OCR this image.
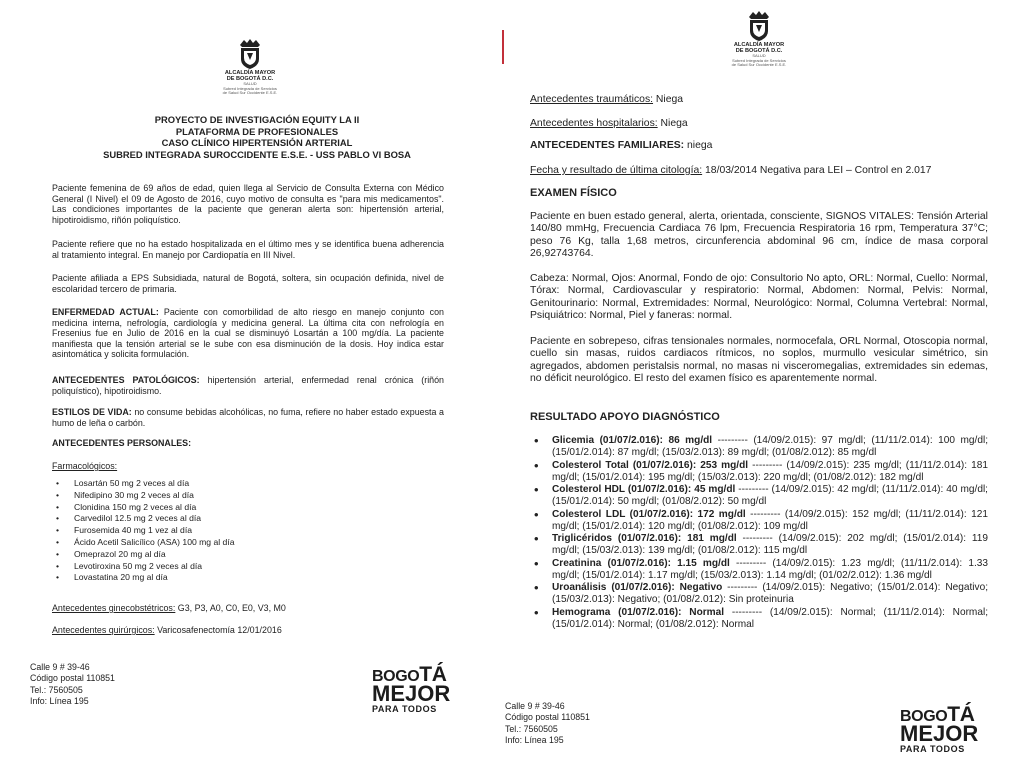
ALCALDÍA MAYOR
DE BOGOTÁ D.C.
SALUD
Subred Integrada de Servicios
de Salud Sur Occidente E.S.E.
PROYECTO DE INVESTIGACIÓN EQUITY LA II
PLATAFORMA DE PROFESIONALES
CASO CLÍNICO HIPERTENSIÓN ARTERIAL
SUBRED INTEGRADA SUROCCIDENTE E.S.E. - USS PABLO VI BOSA
Paciente femenina de 69 años de edad, quien llega al Servicio de Consulta Externa con Médico General (I Nivel) el 09 de Agosto de 2016, cuyo motivo de consulta es "para mis medicamentos". Las condiciones importantes de la paciente que generan alerta son: hipertensión arterial, hipotiroidismo, riñón poliquístico.
Paciente refiere que no ha estado hospitalizada en el último mes y se identifica buena adherencia al tratamiento integral. En manejo por Cardiopatía en III Nivel.
Paciente afiliada a EPS Subsidiada, natural de Bogotá, soltera, sin ocupación definida, nivel de escolaridad tercero de primaria.
ENFERMEDAD ACTUAL: Paciente con comorbilidad de alto riesgo en manejo conjunto con medicina interna, nefrología, cardiología y medicina general. La última cita con nefrología en Fresenius fue en Julio de 2016 en la cual se disminuyó Losartán a 100 mg/día. La paciente manifiesta que la tensión arterial se le sube con esa disminución de la dosis. Hoy indica estar asintomática y solicita formulación.
ANTECEDENTES PATOLÓGICOS: hipertensión arterial, enfermedad renal crónica (riñón poliquístico), hipotiroidismo.
ESTILOS DE VIDA: no consume bebidas alcohólicas, no fuma, refiere no haber estado expuesta a humo de leña o carbón.
ANTECEDENTES PERSONALES:
Farmacológicos:
• Losartán 50 mg 2 veces al día
• Nifedipino 30 mg 2 veces al día
• Clonidina 150 mg 2 veces al día
• Carvedilol 12.5 mg 2 veces al día
• Furosemida 40 mg 1 vez al día
• Ácido Acetil Salicílico (ASA) 100 mg al día
• Omeprazol 20 mg al día
• Levotiroxina 50 mg 2 veces al día
• Lovastatina 20 mg al día
Antecedentes ginecobstétricos: G3, P3, A0, C0, E0, V3, M0
Antecedentes quirúrgicos: Varicosafenectomía 12/01/2016
Calle 9 # 39-46
Código postal 110851
Tel.: 7560505
Info: Línea 195
BOGOTÁ
MEJOR
PARA TODOS
ALCALDÍA MAYOR
DE BOGOTÁ D.C.
SALUD
Subred Integrada de Servicios
de Salud Sur Occidente E.S.E.
Antecedentes traumáticos: Niega
Antecedentes hospitalarios: Niega
ANTECEDENTES FAMILIARES: niega
Fecha y resultado de última citología: 18/03/2014 Negativa para LEI – Control en 2.017
EXAMEN FÍSICO
Paciente en buen estado general, alerta, orientada, consciente, SIGNOS VITALES: Tensión Arterial 140/80 mmHg, Frecuencia Cardiaca 76 lpm, Frecuencia Respiratoria 16 rpm, Temperatura 37°C; peso 76 Kg, talla 1,68 metros, circunferencia abdominal 96 cm, índice de masa corporal 26,92743764.
Cabeza: Normal, Ojos: Anormal, Fondo de ojo: Consultorio No apto, ORL: Normal, Cuello: Normal, Tórax: Normal, Cardiovascular y respiratorio: Normal, Abdomen: Normal, Pelvis: Normal, Genitourinario: Normal, Extremidades: Normal, Neurológico: Normal, Columna Vertebral: Normal, Psiquiátrico: Normal, Piel y faneras: normal.
Paciente en sobrepeso, cifras tensionales normales, normocefala, ORL Normal, Otoscopia normal, cuello sin masas, ruidos cardiacos rítmicos, no soplos, murmullo vesicular simétrico, sin agregados, abdomen peristalsis normal, no masas ni visceromegalias, extremidades sin edemas, no déficit neurológico. El resto del examen físico es aparentemente normal.
RESULTADO APOYO DIAGNÓSTICO
• Glicemia (01/07/2.016): 86 mg/dl --------- (14/09/2.015): 97 mg/dl; (11/11/2.014): 100 mg/dl; (15/01/2.014): 87 mg/dl; (15/03/2.013): 89 mg/dl; (01/08/2.012): 85 mg/dl
• Colesterol Total (01/07/2.016): 253 mg/dl --------- (14/09/2.015): 235 mg/dl; (11/11/2.014): 181 mg/dl; (15/01/2.014): 195 mg/dl; (15/03/2.013): 220 mg/dl; (01/08/2.012): 182 mg/dl
• Colesterol HDL (01/07/2.016): 45 mg/dl --------- (14/09/2.015): 42 mg/dl; (11/11/2.014): 40 mg/dl; (15/01/2.014): 50 mg/dl; (01/08/2.012): 50 mg/dl
• Colesterol LDL (01/07/2.016): 172 mg/dl --------- (14/09/2.015): 152 mg/dl; (11/11/2.014): 121 mg/dl; (15/01/2.014): 120 mg/dl; (01/08/2.012): 109 mg/dl
• Triglicéridos (01/07/2.016): 181 mg/dl --------- (14/09/2.015): 202 mg/dl; (15/01/2.014): 119 mg/dl; (15/03/2.013): 139 mg/dl; (01/08/2.012): 115 mg/dl
• Creatinina (01/07/2.016): 1.15 mg/dl --------- (14/09/2.015): 1.23 mg/dl; (11/11/2.014): 1.33 mg/dl; (15/01/2.014): 1.17 mg/dl; (15/03/2.013): 1.14 mg/dl; (01/02/2.012): 1.36 mg/dl
• Uroanálisis (01/07/2.016): Negativo --------- (14/09/2.015): Negativo; (15/01/2.014): Negativo; (15/03/2.013): Negativo; (01/08/2.012): Sin proteinuria
• Hemograma (01/07/2.016): Normal --------- (14/09/2.015): Normal; (11/11/2.014): Normal; (15/01/2.014): Normal; (01/08/2.012): Normal
Calle 9 # 39-46
Código postal 110851
Tel.: 7560505
Info: Línea 195
BOGOTÁ
MEJOR
PARA TODOS
